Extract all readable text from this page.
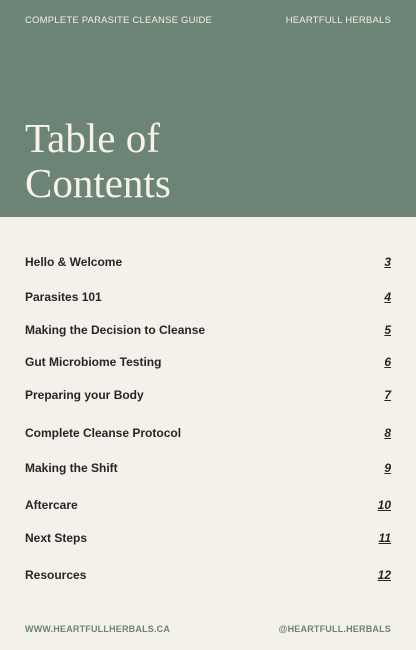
COMPLETE PARASITE CLEANSE GUIDE	HEARTFULL HERBALS
Table of
Contents
Hello & Welcome	3
Parasites 101	4
Making the Decision to Cleanse	5
Gut Microbiome Testing	6
Preparing your Body	7
Complete Cleanse Protocol	8
Making the Shift	9
Aftercare	10
Next Steps	11
Resources	12
WWW.HEARTFULLHERBALS.CA	@HEARTFULL.HERBALS
